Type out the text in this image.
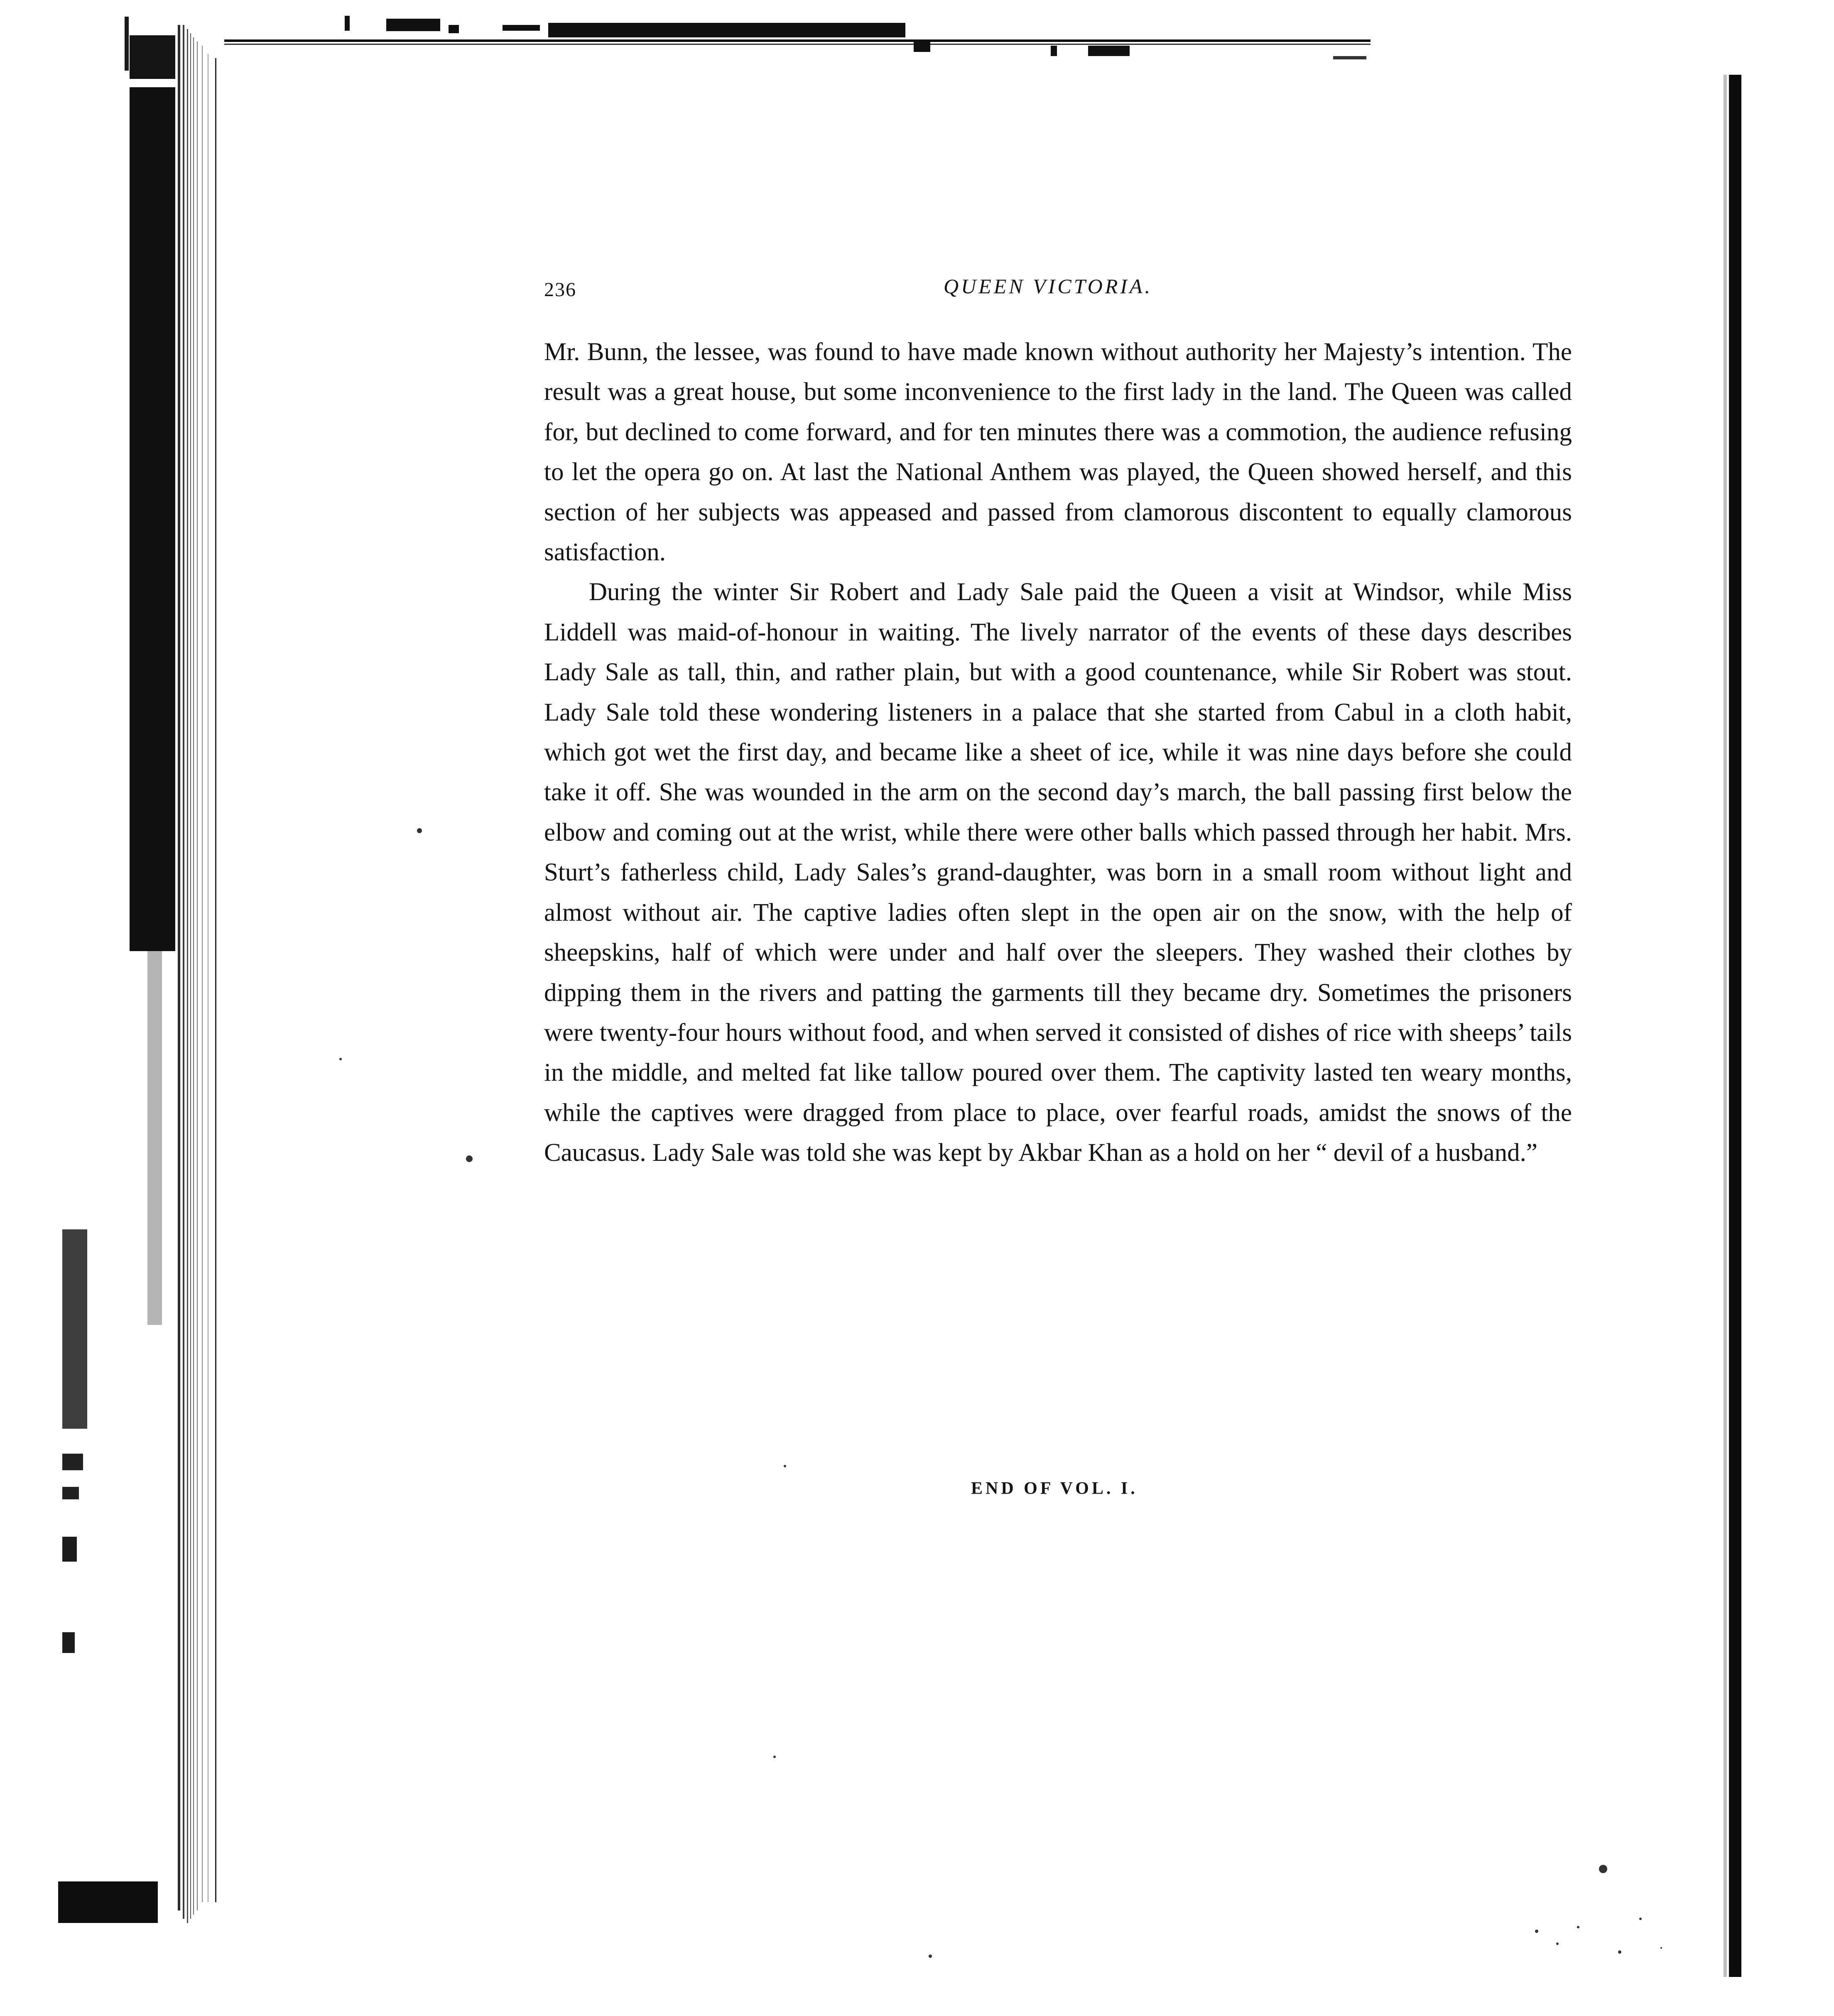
236	QUEEN VICTORIA.

Mr. Bunn, the lessee, was found to have made known without authority her Majesty’s intention. The result was a great house, but some inconvenience to the first lady in the land. The Queen was called for, but declined to come forward, and for ten minutes there was a commotion, the audience refusing to let the opera go on. At last the National Anthem was played, the Queen showed herself, and this section of her subjects was appeased and passed from clamorous discontent to equally clamorous satisfaction.

During the winter Sir Robert and Lady Sale paid the Queen a visit at Windsor, while Miss Liddell was maid-of-honour in waiting. The lively narrator of the events of these days describes Lady Sale as tall, thin, and rather plain, but with a good countenance, while Sir Robert was stout. Lady Sale told these wondering listeners in a palace that she started from Cabul in a cloth habit, which got wet the first day, and became like a sheet of ice, while it was nine days before she could take it off. She was wounded in the arm on the second day’s march, the ball passing first below the elbow and coming out at the wrist, while there were other balls which passed through her habit. Mrs. Sturt’s fatherless child, Lady Sales’s grand-daughter, was born in a small room without light and almost without air. The captive ladies often slept in the open air on the snow, with the help of sheepskins, half of which were under and half over the sleepers. They washed their clothes by dipping them in the rivers and patting the garments till they became dry. Sometimes the prisoners were twenty-four hours without food, and when served it consisted of dishes of rice with sheeps’ tails in the middle, and melted fat like tallow poured over them. The captivity lasted ten weary months, while the captives were dragged from place to place, over fearful roads, amidst the snows of the Caucasus. Lady Sale was told she was kept by Akbar Khan as a hold on her “ devil of a husband.”

END OF VOL. I.
